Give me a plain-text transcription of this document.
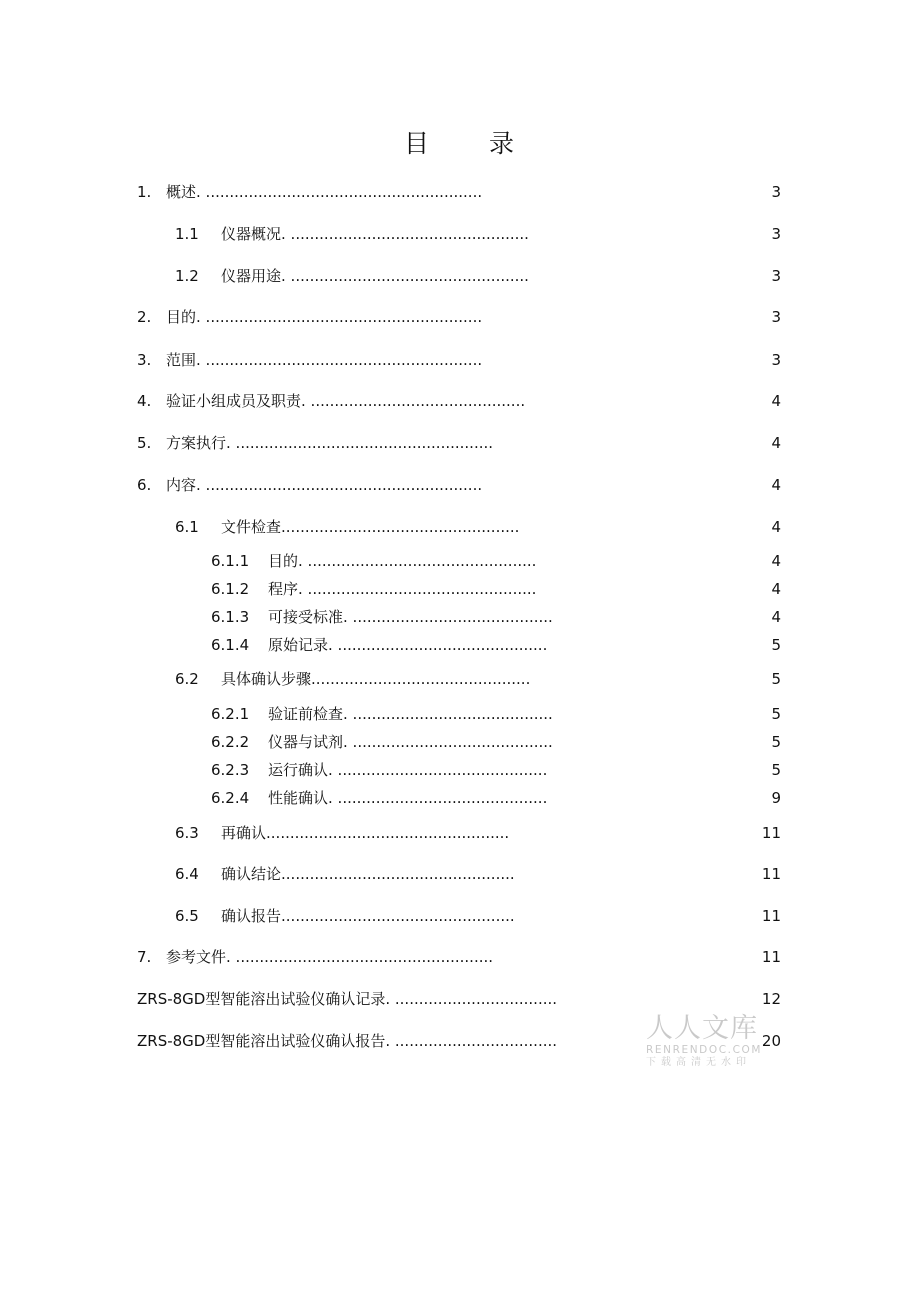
目 录
1. 概述. ..........................................................	3
1.1 仪器概况. ..................................................	3
1.2 仪器用途. ..................................................	3
2. 目的. ..........................................................	3
3. 范围. ..........................................................	3
4. 验证小组成员及职责. .............................................	4
5. 方案执行. ......................................................	4
6. 内容. ..........................................................	4
6.1 文件检查..................................................	4
6.1.1 目的. ................................................	4
6.1.2 程序. ................................................	4
6.1.3 可接受标准. ..........................................	4
6.1.4 原始记录. ............................................	5
6.2 具体确认步骤..............................................	5
6.2.1 验证前检查. ..........................................	5
6.2.2 仪器与试剂. ..........................................	5
6.2.3 运行确认. ............................................	5
6.2.4 性能确认. ............................................	9
6.3 再确认...................................................	11
6.4 确认结论.................................................	11
6.5 确认报告.................................................	11
7. 参考文件. ......................................................	11
ZRS-8GD型智能溶出试验仪确认记录. ..................................	12
ZRS-8GD型智能溶出试验仪确认报告. ..................................	20
人人文库
RENRENDOC.COM
下载高清无水印
